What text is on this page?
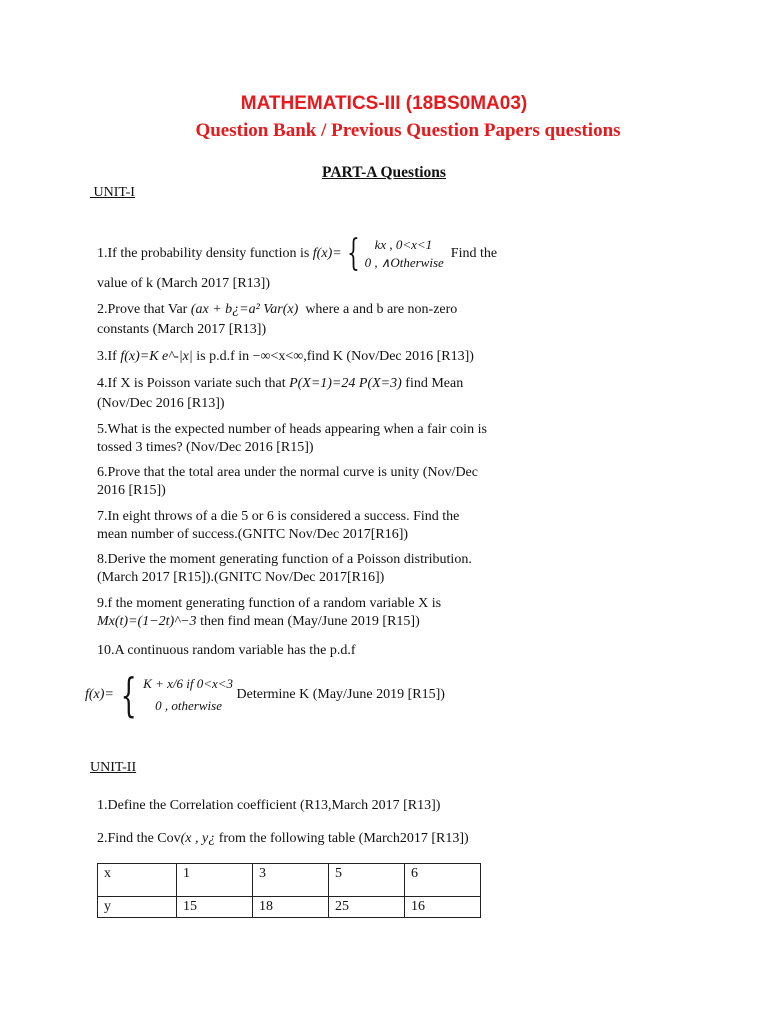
MATHEMATICS-III (18BS0MA03)
Question Bank / Previous Question Papers questions
PART-A Questions
UNIT-I
1.If the probability density function is f(x)= {	kx , 0<x<1
0 , ∧Otherwise
Find the
value of k (March 2017 [R13])
2.Prove that Var (ax + b¿=a² Var(x) where a and b are non-zero
constants (March 2017 [R13])
3.If f(x)=K e^-|x| is p.d.f in −∞<x<∞,find K (Nov/Dec 2016 [R13])
4.If X is Poisson variate such that P(X=1)=24 P(X=3) find Mean
(Nov/Dec 2016 [R13])
5.What is the expected number of heads appearing when a fair coin is
tossed 3 times? (Nov/Dec 2016 [R15])
6.Prove that the total area under the normal curve is unity (Nov/Dec
2016 [R15])
7.In eight throws of a die 5 or 6 is considered a success. Find the
mean number of success.(GNITC Nov/Dec 2017[R16])
8.Derive the moment generating function of a Poisson distribution.
(March 2017 [R15]).(GNITC Nov/Dec 2017[R16])
9.f the moment generating function of a random variable X is
Mx(t)=(1−2t)^−3 then find mean (May/June 2019 [R15])
10.A continuous random variable has the p.d.f
f(x)= { K + x/6 if 0<x<3
0 , otherwise
Determine K (May/June 2019 [R15])
UNIT-II
1.Define the Correlation coefficient (R13,March 2017 [R13])
2.Find the Cov(x , y¿ from the following table (March2017 [R13])
x	1	3	5	6
y	15	18	25	16
